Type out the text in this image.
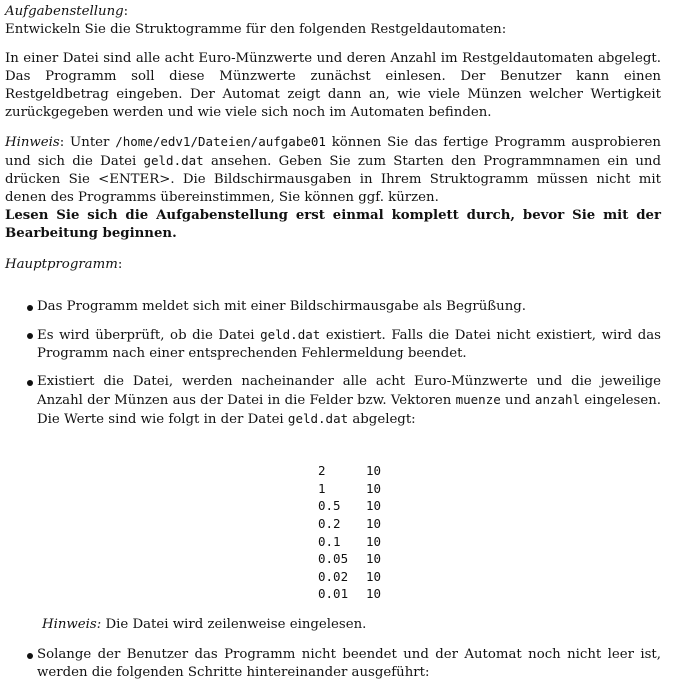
Aufgabenstellung:

Entwickeln Sie die Struktogramme für den folgenden Restgeldautomaten:

In einer Datei sind alle acht Euro-Münzwerte und deren Anzahl im Restgeldautomaten abgelegt. Das Programm soll diese Münzwerte zunächst einlesen. Der Benutzer kann einen Restgeldbetrag eingeben. Der Automat zeigt dann an, wie viele Münzen welcher Wertigkeit zurückgegeben werden und wie viele sich noch im Automaten befinden.

Hinweis: Unter /home/edv1/Dateien/aufgabe01 können Sie das fertige Programm ausprobieren und sich die Datei geld.dat ansehen. Geben Sie zum Starten den Programmnamen ein und drücken Sie <ENTER>. Die Bildschirmausgaben in Ihrem Struktogramm müssen nicht mit denen des Programms übereinstimmen, Sie können ggf. kürzen.

Lesen Sie sich die Aufgabenstellung erst einmal komplett durch, bevor Sie mit der Bearbeitung beginnen.

Hauptprogramm:
Das Programm meldet sich mit einer Bildschirmausgabe als Begrüßung.
Es wird überprüft, ob die Datei geld.dat existiert. Falls die Datei nicht existiert, wird das Programm nach einer entsprechenden Fehlermeldung beendet.
Existiert die Datei, werden nacheinander alle acht Euro-Münzwerte und die jeweilige Anzahl der Münzen aus der Datei in die Felder bzw. Vektoren muenze und anzahl eingelesen. Die Werte sind wie folgt in der Datei geld.dat abgelegt:
2	10
1	10
0.5	10
0.2	10
0.1	10
0.05	10
0.02	10
0.01	10
Hinweis: Die Datei wird zeilenweise eingelesen.
Solange der Benutzer das Programm nicht beendet und der Automat noch nicht leer ist, werden die folgenden Schritte hintereinander ausgeführt:
